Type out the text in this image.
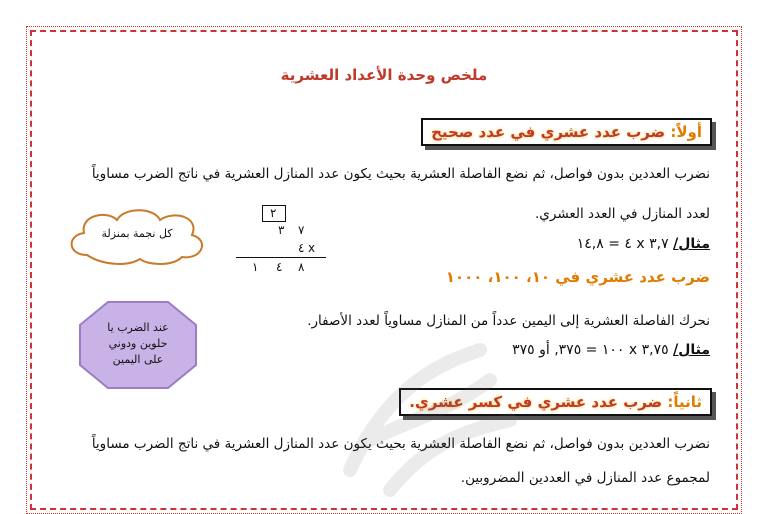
ملخص وحدة الأعداد العشرية
أولاً: ضرب عدد عشري في عدد صحيح
نضرب العددين بدون فواصل، ثم نضع الفاصلة العشرية بحيث يكون عدد المنازل العشرية في ناتج الضرب مساوياً
لعدد المنازل في العدد العشري.
مثال/ ٣,٧ x ٤ = ١٤,٨
ضرب عدد عشري في ١٠، ١٠٠، ١٠٠٠
نحرك الفاصلة العشرية إلى اليمين عدداً من المنازل مساوياً لعدد الأصفار.
مثال/ ٣,٧٥ x ١٠٠ = ٣٧٥, أو ٣٧٥
ثانياً: ضرب عدد عشري في كسر عشري.
نضرب العددين بدون فواصل، ثم نضع الفاصلة العشرية بحيث يكون عدد المنازل العشرية في ناتج الضرب مساوياً
لمجموع عدد المنازل في العددين المضروبين.
كل نجمة بمنزلة
عند الضرب يا
حلوين ودوني
على اليمين
٢
٣ ٧
٤ x
١ ٤ ٨
